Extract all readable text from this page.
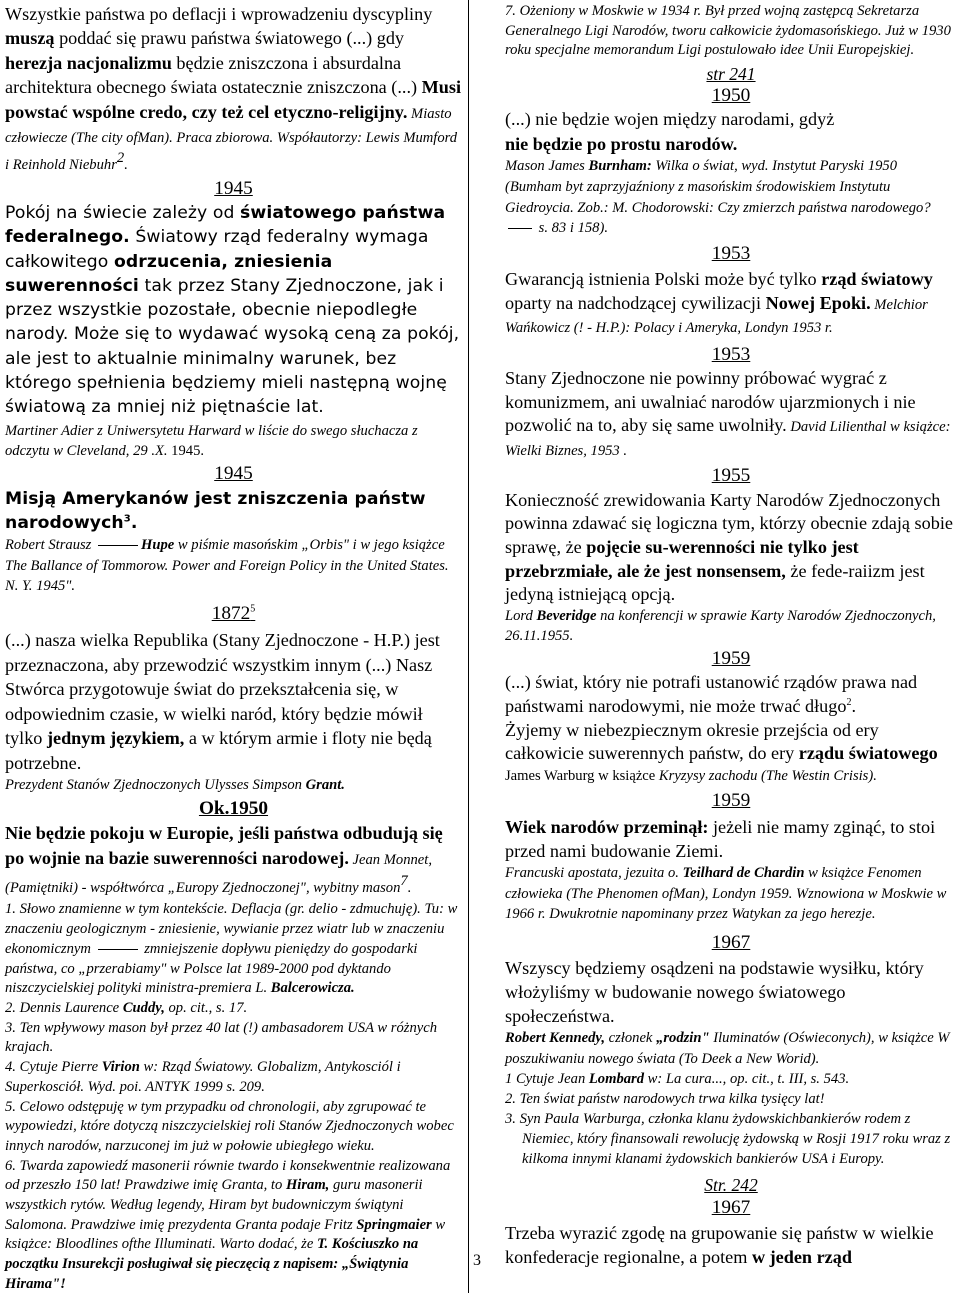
3

Wszystkie państwa po deflacji i wprowadzeniu dyscypliny muszą poddać się prawu państwa światowego (...) gdy herezja nacjonalizmu będzie zniszczona i absurdalna architektura obecnego świata ostatecznie zniszczona (...) Musi powstać wspólne credo, czy też cel etyczno-religijny. Miasto człowiecze (The city ofMan). Praca zbiorowa. Współautorzy: Lewis Mumford i Reinhold Niebuhr$^2$.

1945

Pokój na świecie zależy od światowego państwa federalnego. Światowy rząd federalny wymaga całkowitego odrzucenia, zniesienia suwerenności tak przez Stany Zjednoczone, jak i przez wszystkie pozostałe, obecnie niepodległe narody. Może się to wydawać wysoką ceną za pokój, ale jest to aktualnie minimalny warunek, bez którego spełnienia będziemy mieli następną wojnę światową za mniej niż piętnaście lat.

Martiner Adier z Uniwersytetu Harward w liście do swego słuchacza z odczytu w Cleveland, 29 .X. 1945.

1945

Misją Amerykanów jest zniszczenia państw narodowych$^3$.

Robert Strausz	Hupe w piśmie masońskim „Orbis" i w jego książce The Ballance of Tommorow. Power and Foreign Policy in the United States. N. Y. 1945".

1872$^5$

(...) nasza wielka Republika (Stany Zjednoczone - H.P.) jest przeznaczona, aby przewodzić wszystkim innym (...) Nasz Stwórca przygotowuje świat do przekształcenia się, w odpowiednim czasie, w wielki naród, który będzie mówił tylko jednym językiem, a w którym armie i floty nie będą potrzebne.

Prezydent Stanów Zjednoczonych Ulysses Simpson Grant.

Ok.1950

Nie będzie pokoju w Europie, jeśli państwa odbudują się po wojnie na bazie suwerenności narodowej. Jean Monnet, (Pamiętniki) - współtwórca „Europy Zjednoczonej", wybitny mason$^7$.

1. Słowo znamienne w tym kontekście. Deflacja (gr. delio - zdmuchuję). Tu: w znaczeniu geologicznym - zniesienie, wywianie przez wiatr lub w znaczeniu ekonomicznym	zmniejszenie dopływu pieniędzy do gospodarki państwa, co „przerabiamy" w Polsce lat 1989-2000 pod dyktando niszczycielskiej polityki ministra-premiera L. Balcerowicza.

2. Dennis Laurence Cuddy, op. cit., s. 17.

3. Ten wpływowy mason był przez 40 lat (!) ambasadorem USA w różnych krajach.

4. Cytuje Pierre Virion w: Rząd Światowy. Globalizm, Antykosciól i Superkosciół. Wyd. poi. ANTYK 1999 s. 209.

5. Celowo odstępuję w tym przypadku od chronologii, aby zgrupować te wypowiedzi, które dotyczą niszczycielskiej roli Stanów Zjednoczonych wobec innych narodów, narzuconej im już w połowie ubiegłego wieku.

6. Twarda zapowiedź masonerii równie twardo i konsekwentnie realizowana od przeszło 150 lat! Prawdziwe imię Granta, to Hiram, guru masonerii wszystkich rytów. Według legendy, Hiram byt budowniczym świątyni Salomona. Prawdziwe imię prezydenta Granta podaje Fritz Springmaier w książce: Bloodlines ofthe Illuminati. Warto dodać, że T. Kościuszko na początku Insurekcji posługiwał się pieczęcią z napisem: „Świątynia Hirama"!

7. Ożeniony w Moskwie w 1934 r. Był przed wojną zastępcą Sekretarza Generalnego Ligi Narodów, tworu całkowicie żydomasońskiego. Już w 1930 roku specjalne memorandum Ligi postulowało idee Unii Europejskiej.

str 241
1950

(...) nie będzie wojen między narodami, gdyż
nie będzie po prostu narodów.

Mason James Burnham: Wilka o świat, wyd. Instytut Paryski 1950 (Bumham byt zaprzyjaźniony z masońskim środowiskiem Instytutu Giedroycia. Zob.: M. Chodorowski: Czy zmierzch państwa narodowego?  s. 83 i 158).

1953

Gwarancją istnienia Polski może być tylko rząd światowy oparty na nadchodzącej cywilizacji Nowej Epoki. Melchior Wańkowicz (! - H.P.): Polacy i Ameryka, Londyn 1953 r.

1953

Stany Zjednoczone nie powinny próbować wygrać z komunizmem, ani uwalniać narodów ujarzmionych i nie pozwolić na to, aby się same uwolniły. David Lilienthal w książce: Wielki Biznes, 1953 .

1955

Konieczność zrewidowania Karty Narodów Zjednoczonych powinna zdawać się logiczna tym, którzy obecnie zdają sobie sprawę, że pojęcie su-werenności nie tylko jest przebrzmiałe, ale że jest nonsensem, że fede-raiizm jest jedyną istniejącą opcją.

Lord Beveridge na konferencji w sprawie Karty Narodów Zjednoczonych, 26.11.1955.

1959

(...) świat, który nie potrafi ustanowić rządów prawa nad państwami narodowymi, nie może trwać długo$^2$.
Żyjemy w niebezpiecznym okresie przejścia od ery całkowicie suwerennych państw, do ery rządu światowego

James Warburg w książce Kryzysy zachodu (The Westin Crisis).

1959

Wiek narodów przeminął: jeżeli nie mamy zginąć, to stoi przed nami budowanie Ziemi.

Francuski apostata, jezuita o. Teilhard de Chardin w książce Fenomen człowieka (The Phenomen ofMan), Londyn 1959. Wznowiona w Moskwie w 1966 r. Dwukrotnie napominany przez Watykan za jego herezje.

1967

Wszyscy będziemy osądzeni na podstawie wysiłku, który włożyliśmy w budowanie nowego światowego społeczeństwa.

Robert Kennedy, członek „rodzin" Iluminatów (Oświeconych), w książce W poszukiwaniu nowego świata (To Deek a New Worid).

1 Cytuje Jean Lombard w: La cura..., op. cit., t. III, s. 543.

2. Ten świat państw narodowych trwa kilka tysięcy lat!

3. Syn Paula Warburga, członka klanu żydowskichbankierów rodem z Niemiec, który finansowali rewolucję żydowską w Rosji 1917 roku wraz z kilkoma innymi klanami żydowskich bankierów USA i Europy.

Str. 242
1967

Trzeba wyrazić zgodę na grupowanie się państw w wielkie konfederacje regionalne, a potem w jeden rząd
